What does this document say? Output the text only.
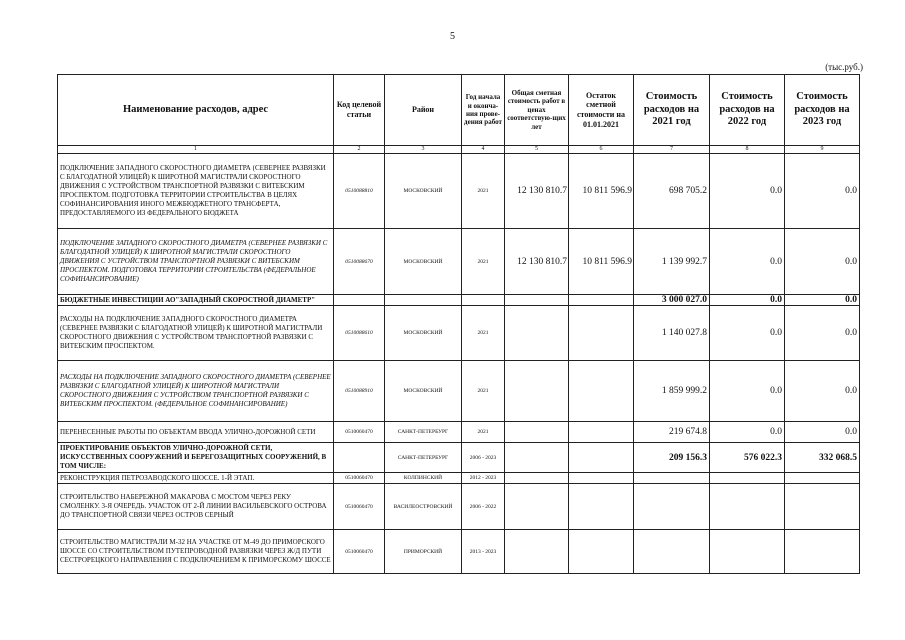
5
(тыс.руб.)
Наименование расходов, адрес	Код целевой статьи	Район	Год начала и оконча-ния прове-дения работ	Общая сметная стоимость работ в ценах соответствую-щих лет	Остаток сметной стоимости на 01.01.2021	Стоимость расходов на 2021 год	Стоимость расходов на 2022 год	Стоимость расходов на 2023 год
1	2	3	4	5	6	7	8	9
ПОДКЛЮЧЕНИЕ ЗАПАДНОГО СКОРОСТНОГО ДИАМЕТРА (СЕВЕРНЕЕ РАЗВЯЗКИ С БЛАГОДАТНОЙ УЛИЦЕЙ) К ШИРОТНОЙ МАГИСТРАЛИ СКОРОСТНОГО ДВИЖЕНИЯ С УСТРОЙСТВОМ ТРАНСПОРТНОЙ РАЗВЯЗКИ С ВИТЕБСКИМ ПРОСПЕКТОМ. ПОДГОТОВКА ТЕРРИТОРИИ СТРОИТЕЛЬСТВА В ЦЕЛЯХ СОФИНАНСИРОВАНИЯ ИНОГО МЕЖБЮДЖЕТНОГО ТРАНСФЕРТА, ПРЕДОСТАВЛЯЕМОГО ИЗ ФЕДЕРАЛЬНОГО БЮДЖЕТА	0510088810	МОСКОВСКИЙ	2021	12 130 810.7	10 811 596.9	698 705.2	0.0	0.0
ПОДКЛЮЧЕНИЕ ЗАПАДНОГО СКОРОСТНОГО ДИАМЕТРА (СЕВЕРНЕЕ РАЗВЯЗКИ С БЛАГОДАТНОЙ УЛИЦЕЙ) К ШИРОТНОЙ МАГИСТРАЛИ СКОРОСТНОГО ДВИЖЕНИЯ С УСТРОЙСТВОМ ТРАНСПОРТНОЙ РАЗВЯЗКИ С ВИТЕБСКИМ ПРОСПЕКТОМ. ПОДГОТОВКА ТЕРРИТОРИИ СТРОИТЕЛЬСТВА (ФЕДЕРАЛЬНОЕ СОФИНАНСИРОВАНИЕ)	0510088670	МОСКОВСКИЙ	2021	12 130 810.7	10 811 596.9	1 139 992.7	0.0	0.0
БЮДЖЕТНЫЕ ИНВЕСТИЦИИ АО"ЗАПАДНЫЙ СКОРОСТНОЙ ДИАМЕТР"						3 000 027.0	0.0	0.0
РАСХОДЫ НА ПОДКЛЮЧЕНИЕ ЗАПАДНОГО СКОРОСТНОГО ДИАМЕТРА (СЕВЕРНЕЕ РАЗВЯЗКИ С БЛАГОДАТНОЙ УЛИЦЕЙ) К ШИРОТНОЙ МАГИСТРАЛИ СКОРОСТНОГО ДВИЖЕНИЯ С УСТРОЙСТВОМ ТРАНСПОРТНОЙ РАЗВЯЗКИ С ВИТЕБСКИМ ПРОСПЕКТОМ.	0510088610	МОСКОВСКИЙ	2021			1 140 027.8	0.0	0.0
РАСХОДЫ НА ПОДКЛЮЧЕНИЕ ЗАПАДНОГО СКОРОСТНОГО ДИАМЕТРА (СЕВЕРНЕЕ РАЗВЯЗКИ С БЛАГОДАТНОЙ УЛИЦЕЙ) К ШИРОТНОЙ МАГИСТРАЛИ СКОРОСТНОГО ДВИЖЕНИЯ С УСТРОЙСТВОМ ТРАНСПОРТНОЙ РАЗВЯЗКИ С ВИТЕБСКИМ ПРОСПЕКТОМ. (ФЕДЕРАЛЬНОЕ СОФИНАНСИРОВАНИЕ)	0510088910	МОСКОВСКИЙ	2021			1 859 999.2	0.0	0.0
ПЕРЕНЕСЕННЫЕ РАБОТЫ ПО ОБЪЕКТАМ ВВОДА УЛИЧНО-ДОРОЖНОЙ СЕТИ	0510060470	САНКТ-ПЕТЕРБУРГ	2021			219 674.8	0.0	0.0
ПРОЕКТИРОВАНИЕ ОБЪЕКТОВ УЛИЧНО-ДОРОЖНОЙ СЕТИ, ИСКУССТВЕННЫХ СООРУЖЕНИЙ И БЕРЕГОЗАЩИТНЫХ СООРУЖЕНИЙ, В ТОМ ЧИСЛЕ:		САНКТ-ПЕТЕРБУРГ	2006 - 2023			209 156.3	576 022.3	332 068.5
РЕКОНСТРУКЦИЯ ПЕТРОЗАВОДСКОГО ШОССЕ. 1-Й ЭТАП.	0510060470	КОЛПИНСКИЙ	2012 - 2023					
СТРОИТЕЛЬСТВО НАБЕРЕЖНОЙ МАКАРОВА С МОСТОМ ЧЕРЕЗ РЕКУ СМОЛЕНКУ. 3-Я ОЧЕРЕДЬ. УЧАСТОК ОТ 2-Й ЛИНИИ ВАСИЛЬЕВСКОГО ОСТРОВА ДО ТРАНСПОРТНОЙ СВЯЗИ ЧЕРЕЗ ОСТРОВ СЕРНЫЙ	0510060470	ВАСИЛЕОСТРОВСКИЙ	2006 - 2022					
СТРОИТЕЛЬСТВО МАГИСТРАЛИ М-32 НА УЧАСТКЕ ОТ М-49 ДО ПРИМОРСКОГО ШОССЕ СО СТРОИТЕЛЬСТВОМ ПУТЕПРОВОДНОЙ РАЗВЯЗКИ ЧЕРЕЗ Ж/Д ПУТИ СЕСТРОРЕЦКОГО НАПРАВЛЕНИЯ С ПОДКЛЮЧЕНИЕМ К ПРИМОРСКОМУ ШОССЕ	0510060470	ПРИМОРСКИЙ	2013 - 2023					
